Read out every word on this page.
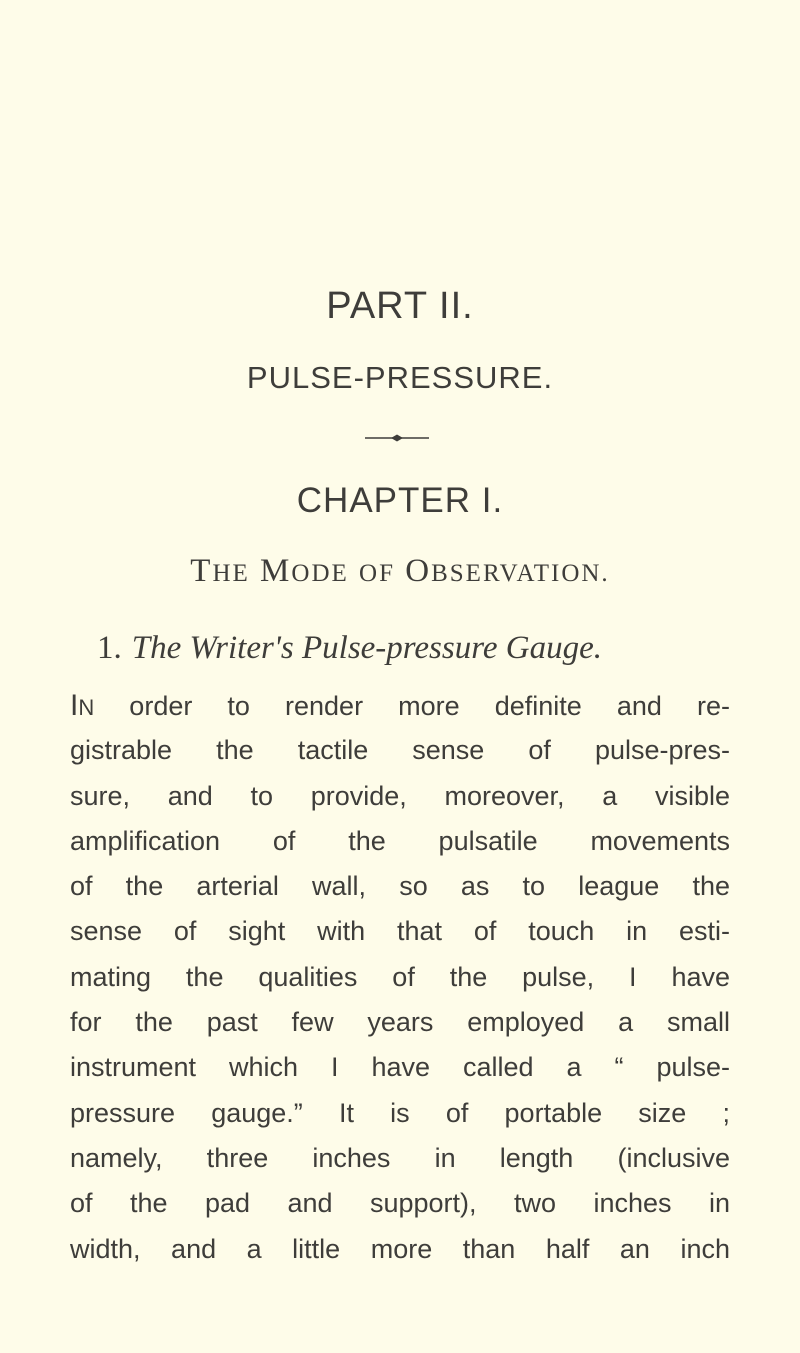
PART II.
PULSE-PRESSURE.
CHAPTER I.
THE MODE OF OBSERVATION.
1. The Writer's Pulse-pressure Gauge.
IN order to render more definite and re-
gistrable the tactile sense of pulse-pres-
sure, and to provide, moreover, a visible
amplification of the pulsatile movements
of the arterial wall, so as to league the
sense of sight with that of touch in esti-
mating the qualities of the pulse, I have
for the past few years employed a small
instrument which I have called a “ pulse-
pressure gauge.” It is of portable size ;
namely, three inches in length (inclusive
of the pad and support), two inches in
width, and a little more than half an inch
